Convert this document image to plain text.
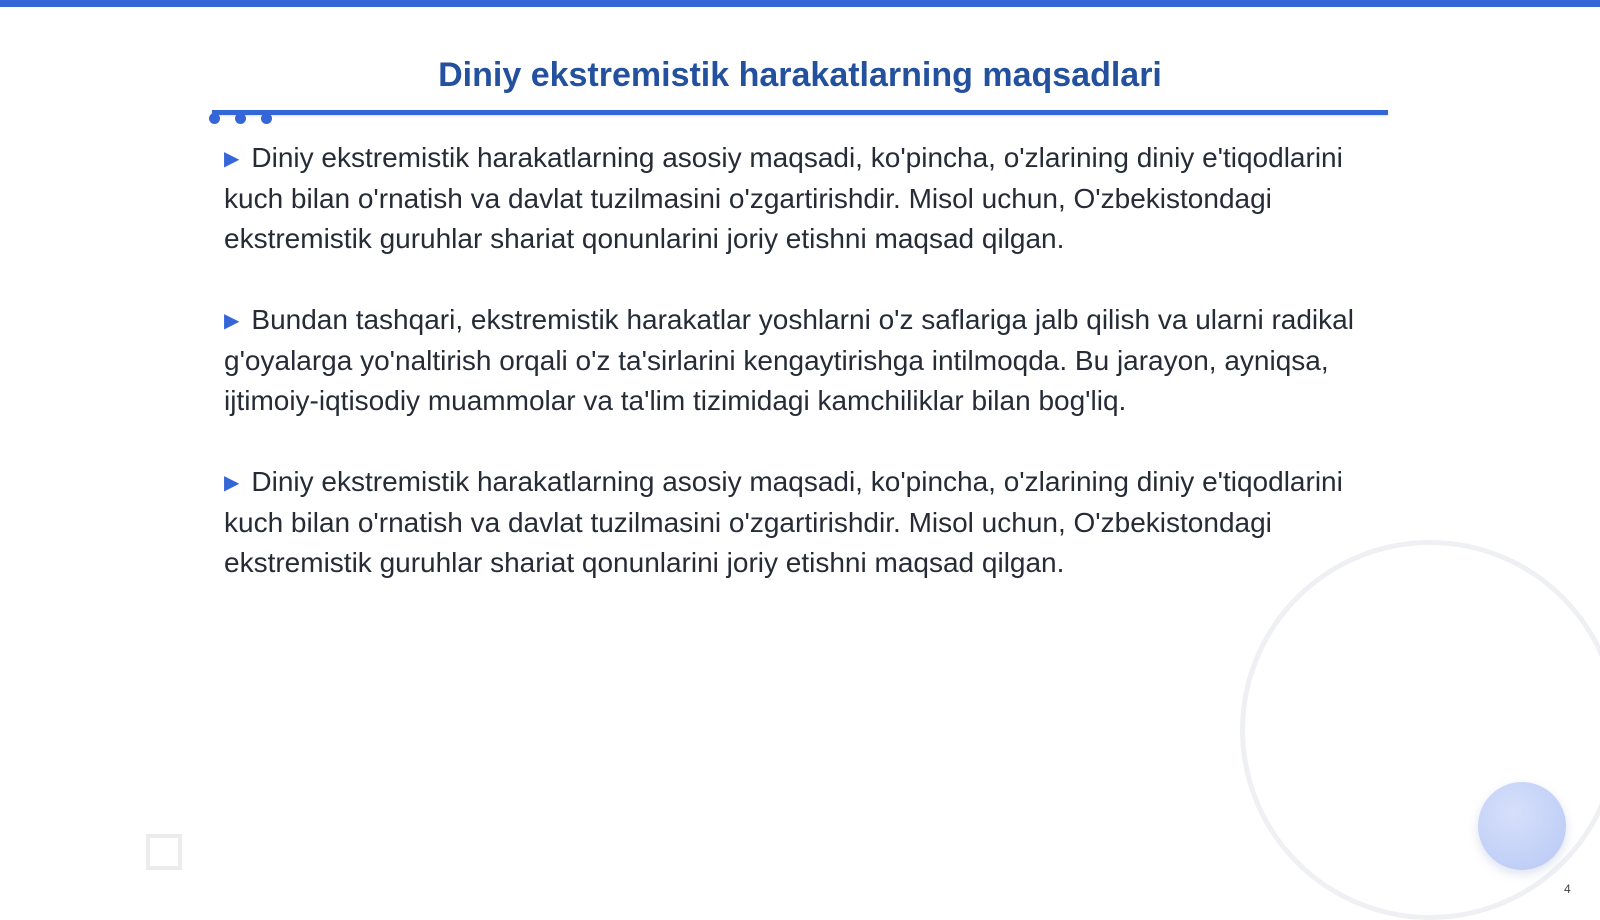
Diniy ekstremistik harakatlarning maqsadlari

▶ Diniy ekstremistik harakatlarning asosiy maqsadi, ko'pincha, o'zlarining diniy e'tiqodlarini kuch bilan o'rnatish va davlat tuzilmasini o'zgartirishdir. Misol uchun, O'zbekistondagi ekstremistik guruhlar shariat qonunlarini joriy etishni maqsad qilgan.

▶ Bundan tashqari, ekstremistik harakatlar yoshlarni o'z saflariga jalb qilish va ularni radikal g'oyalarga yo'naltirish orqali o'z ta'sirlarini kengaytirishga intilmoqda. Bu jarayon, ayniqsa, ijtimoiy-iqtisodiy muammolar va ta'lim tizimidagi kamchiliklar bilan bog'liq.

▶ Diniy ekstremistik harakatlarning asosiy maqsadi, ko'pincha, o'zlarining diniy e'tiqodlarini kuch bilan o'rnatish va davlat tuzilmasini o'zgartirishdir. Misol uchun, O'zbekistondagi ekstremistik guruhlar shariat qonunlarini joriy etishni maqsad qilgan.

4
